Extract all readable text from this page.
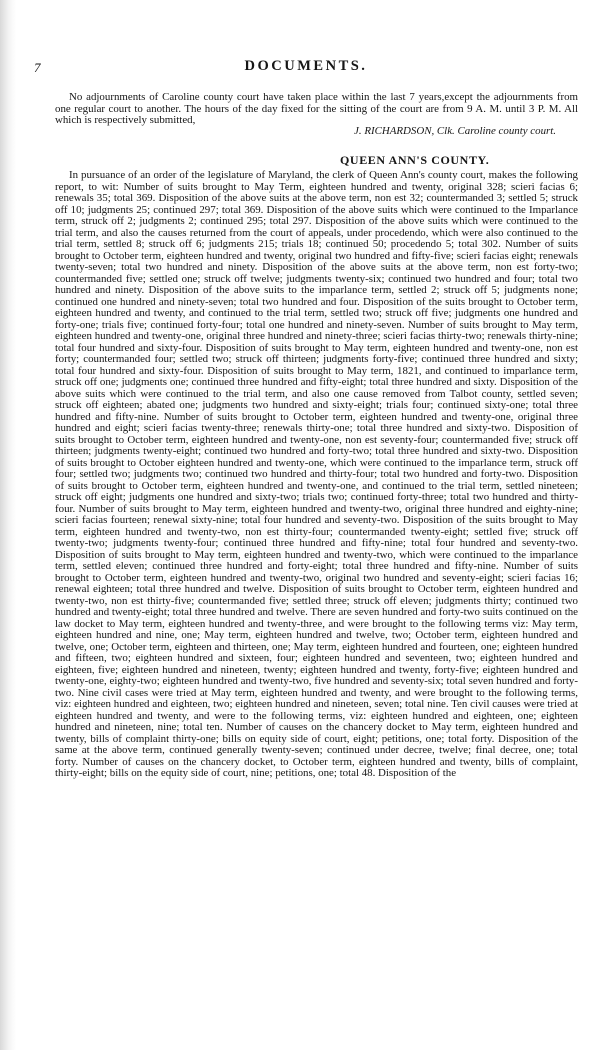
7	DOCUMENTS.

No adjournments of Caroline county court have taken place within the last 7 years,except the adjournments from one regular court to another. The hours of the day fixed for the sitting of the court are from 9 A. M. until 3 P. M. All which is respectively submitted,

J. RICHARDSON, Clk. Caroline county court.
QUEEN ANN'S COUNTY.

In pursuance of an order of the legislature of Maryland, the clerk of Queen Ann's county court, makes the following report, to wit: Number of suits brought to May Term, eighteen hundred and twenty, original 328; scieri facias 6; renewals 35; total 369. Disposition of the above suits at the above term, non est 32; countermanded 3; settled 5; struck off 10; judgments 25; continued 297; total 369. Disposition of the above suits which were continued to the Imparlance term, struck off 2; judgments 2; continued 295; total 297. Disposition of the above suits which were continued to the trial term, and also the causes returned from the court of appeals, under procedendo, which were also continued to the trial term, settled 8; struck off 6; judgments 215; trials 18; continued 50; procedendo 5; total 302. Number of suits brought to October term, eighteen hundred and twenty, original two hundred and fifty-five; scieri facias eight; renewals twenty-seven; total two hundred and ninety. Disposition of the above suits at the above term, non est forty-two; countermanded five; settled one; struck off twelve; judgments twenty-six; continued two hundred and four; total two hundred and ninety. Disposition of the above suits to the imparlance term, settled 2; struck off 5; judgments none; continued one hundred and ninety-seven; total two hundred and four. Disposition of the suits brought to October term, eighteen hundred and twenty, and continued to the trial term, settled two; struck off five; judgments one hundred and forty-one; trials five; continued forty-four; total one hundred and ninety-seven. Number of suits brought to May term, eighteen hundred and twenty-one, original three hundred and ninety-three; scieri facias thirty-two; renewals thirty-nine; total four hundred and sixty-four. Disposition of suits brought to May term, eighteen hundred and twenty-one, non est forty; countermanded four; settled two; struck off thirteen; judgments forty-five; continued three hundred and sixty; total four hundred and sixty-four. Disposition of suits brought to May term, 1821, and continued to imparlance term, struck off one; judgments one; continued three hundred and fifty-eight; total three hundred and sixty. Disposition of the above suits which were continued to the trial term, and also one cause removed from Talbot county, settled seven; struck off eighteen; abated one; judgments two hundred and sixty-eight; trials four; continued sixty-one; total three hundred and fifty-nine. Number of suits brought to October term, eighteen hundred and twenty-one, original three hundred and eight; scieri facias twenty-three; renewals thirty-one; total three hundred and sixty-two. Disposition of suits brought to October term, eighteen hundred and twenty-one, non est seventy-four; countermanded five; struck off thirteen; judgments twenty-eight; continued two hundred and forty-two; total three hundred and sixty-two. Disposition of suits brought to October eighteen hundred and twenty-one, which were continued to the imparlance term, struck off four; settled two; judgments two; continued two hundred and thirty-four; total two hundred and forty-two. Disposition of suits brought to October term, eighteen hundred and twenty-one, and continued to the trial term, settled nineteen; struck off eight; judgments one hundred and sixty-two; trials two; continued forty-three; total two hundred and thirty-four. Number of suits brought to May term, eighteen hundred and twenty-two, original three hundred and eighty-nine; scieri facias fourteen; renewal sixty-nine; total four hundred and seventy-two. Disposition of the suits brought to May term, eighteen hundred and twenty-two, non est thirty-four; countermanded twenty-eight; settled five; struck off twenty-two; judgments twenty-four; continued three hundred and fifty-nine; total four hundred and seventy-two. Disposition of suits brought to May term, eighteen hundred and twenty-two, which were continued to the imparlance term, settled eleven; continued three hundred and forty-eight; total three hundred and fifty-nine. Number of suits brought to October term, eighteen hundred and twenty-two, original two hundred and seventy-eight; scieri facias 16; renewal eighteen; total three hundred and twelve. Disposition of suits brought to October term, eighteen hundred and twenty-two, non est thirty-five; countermanded five; settled three; struck off eleven; judgments thirty; continued two hundred and twenty-eight; total three hundred and twelve. There are seven hundred and forty-two suits continued on the law docket to May term, eighteen hundred and twenty-three, and were brought to the following terms viz: May term, eighteen hundred and nine, one; May term, eighteen hundred and twelve, two; October term, eighteen hundred and twelve, one; October term, eighteen and thirteen, one; May term, eighteen hundred and fourteen, one; eighteen hundred and fifteen, two; eighteen hundred and sixteen, four; eighteen hundred and seventeen, two; eighteen hundred and eighteen, five; eighteen hundred and nineteen, twenty; eighteen hundred and twenty, forty-five; eighteen hundred and twenty-one, eighty-two; eighteen hundred and twenty-two, five hundred and seventy-six; total seven hundred and forty-two. Nine civil cases were tried at May term, eighteen hundred and twenty, and were brought to the following terms, viz: eighteen hundred and eighteen, two; eighteen hundred and nineteen, seven; total nine. Ten civil causes were tried at eighteen hundred and twenty, and were to the following terms, viz: eighteen hundred and eighteen, one; eighteen hundred and nineteen, nine; total ten. Number of causes on the chancery docket to May term, eighteen hundred and twenty, bills of complaint thirty-one; bills on equity side of court, eight; petitions, one; total forty. Disposition of the same at the above term, continued generally twenty-seven; continued under decree, twelve; final decree, one; total forty. Number of causes on the chancery docket, to October term, eighteen hundred and twenty, bills of complaint, thirty-eight; bills on the equity side of court, nine; petitions, one; total 48. Disposition of the
